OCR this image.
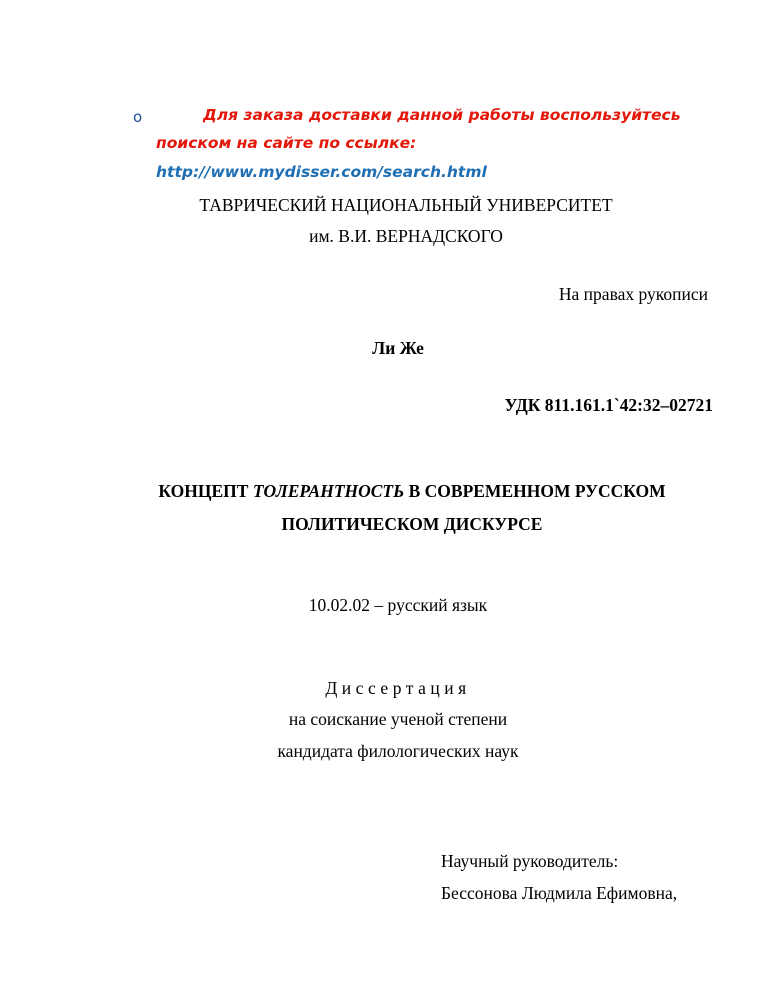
o	Для заказа доставки данной работы воспользуйтесь
поиском на сайте по ссылке:
http://www.mydisser.com/search.html
ТАВРИЧЕСКИЙ НАЦИОНАЛЬНЫЙ УНИВЕРСИТЕТ
им. В.И. ВЕРНАДСКОГО
На правах рукописи
Ли Же
УДК 811.161.1`42:32–02721
КОНЦЕПТ ТОЛЕРАНТНОСТЬ В СОВРЕМЕННОМ РУССКОМ
ПОЛИТИЧЕСКОМ ДИСКУРСЕ
10.02.02 – русский язык
Диссертация
на соискание ученой степени
кандидата филологических наук
Научный руководитель:
Бессонова Людмила Ефимовна,
